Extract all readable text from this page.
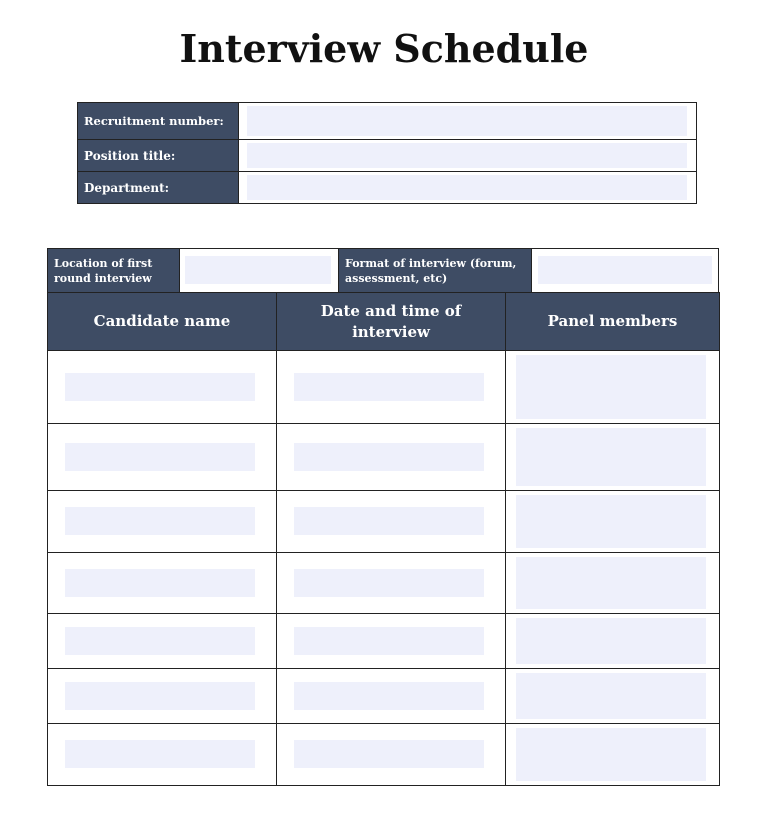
Interview Schedule
Recruitment number:
Position title:
Department:
Location of first round interview
Format of interview (forum, assessment, etc)
Candidate name
Date and time of interview
Panel members
